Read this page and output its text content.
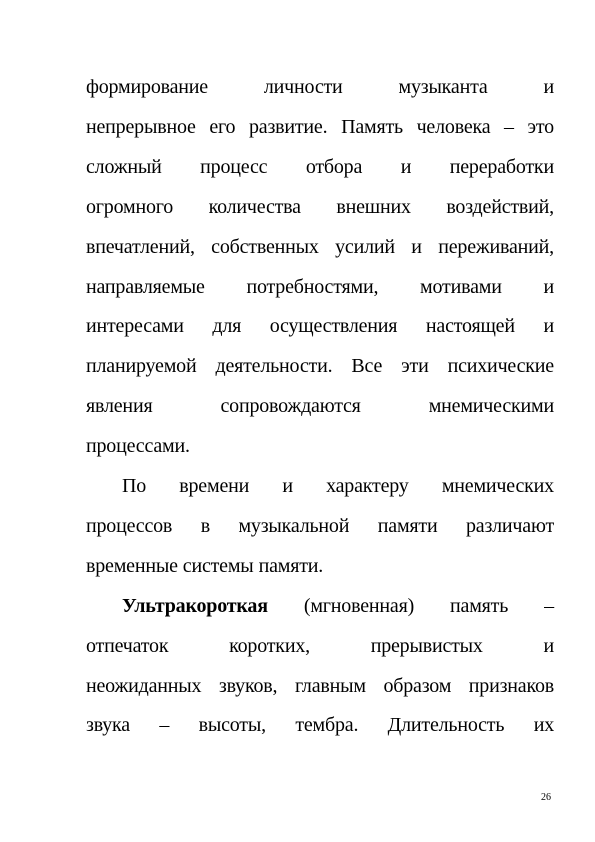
формирование	личности	музыканта	и
непрерывное его развитие. Память человека – это
сложный процесс отбора и переработки
огромного количества внешних воздействий,
впечатлений, собственных усилий и переживаний,
направляемые потребностями, мотивами и
интересами для осуществления настоящей и
планируемой деятельности. Все эти психические
явления	сопровождаются	мнемическими
процессами.
По времени и характеру мнемических
процессов в музыкальной памяти различают
временные системы памяти.
Ультракороткая (мгновенная) память –
отпечаток	коротких,	прерывистых	и
неожиданных звуков, главным образом признаков
звука – высоты, тембра. Длительность их
26
